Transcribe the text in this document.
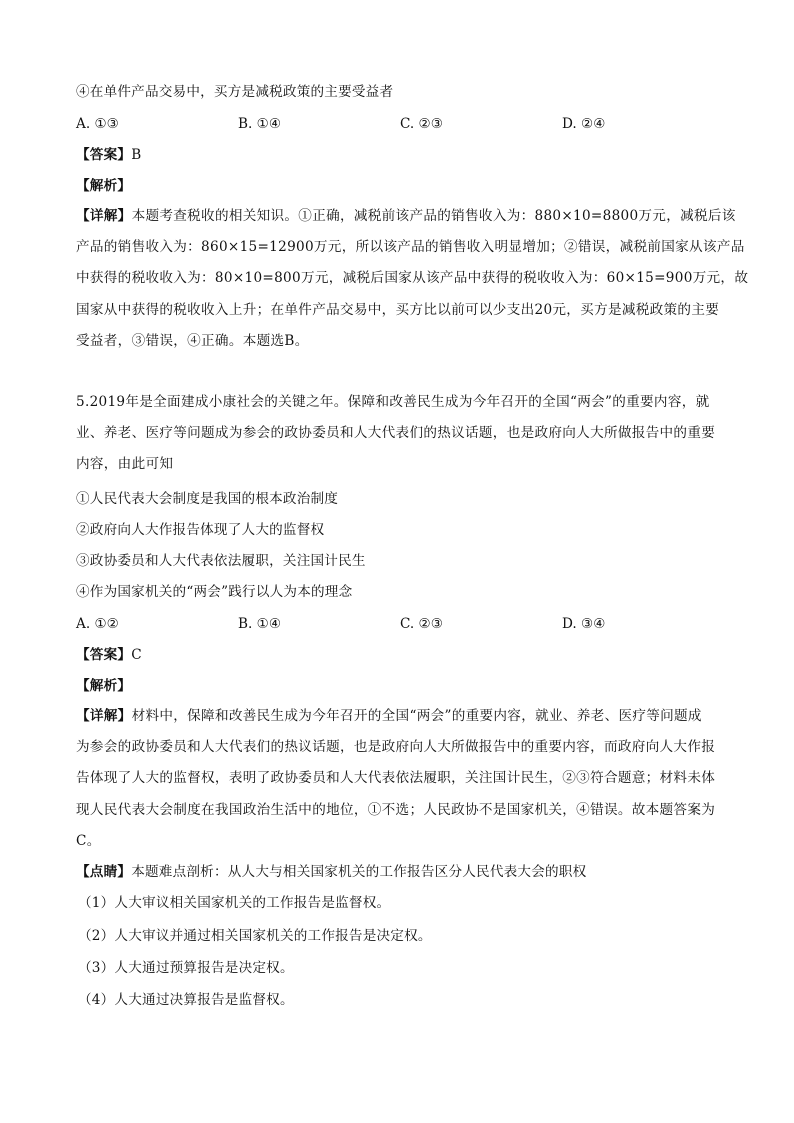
④在单件产品交易中，买方是减税政策的主要受益者
A. ①③	B. ①④	C. ②③	D. ②④
【答案】B
【解析】
【详解】本题考查税收的相关知识。①正确，减税前该产品的销售收入为：880×10=8800万元，减税后该
产品的销售收入为：860×15=12900万元，所以该产品的销售收入明显增加；②错误，减税前国家从该产品
中获得的税收收入为：80×10=800万元，减税后国家从该产品中获得的税收收入为：60×15=900万元，故
国家从中获得的税收收入上升；在单件产品交易中，买方比以前可以少支出20元，买方是减税政策的主要
受益者，③错误，④正确。本题选B。
5.2019年是全面建成小康社会的关键之年。保障和改善民生成为今年召开的全国“两会”的重要内容，就
业、养老、医疗等问题成为参会的政协委员和人大代表们的热议话题，也是政府向人大所做报告中的重要
内容，由此可知
①人民代表大会制度是我国的根本政治制度
②政府向人大作报告体现了人大的监督权
③政协委员和人大代表依法履职，关注国计民生
④作为国家机关的“两会”践行以人为本的理念
A. ①②	B. ①④	C. ②③	D. ③④
【答案】C
【解析】
【详解】材料中，保障和改善民生成为今年召开的全国“两会”的重要内容，就业、养老、医疗等问题成
为参会的政协委员和人大代表们的热议话题，也是政府向人大所做报告中的重要内容，而政府向人大作报
告体现了人大的监督权，表明了政协委员和人大代表依法履职，关注国计民生，②③符合题意；材料未体
现人民代表大会制度在我国政治生活中的地位，①不选；人民政协不是国家机关，④错误。故本题答案为
C。
【点睛】本题难点剖析：从人大与相关国家机关的工作报告区分人民代表大会的职权
（1）人大审议相关国家机关的工作报告是监督权。
（2）人大审议并通过相关国家机关的工作报告是决定权。
（3）人大通过预算报告是决定权。
（4）人大通过决算报告是监督权。
